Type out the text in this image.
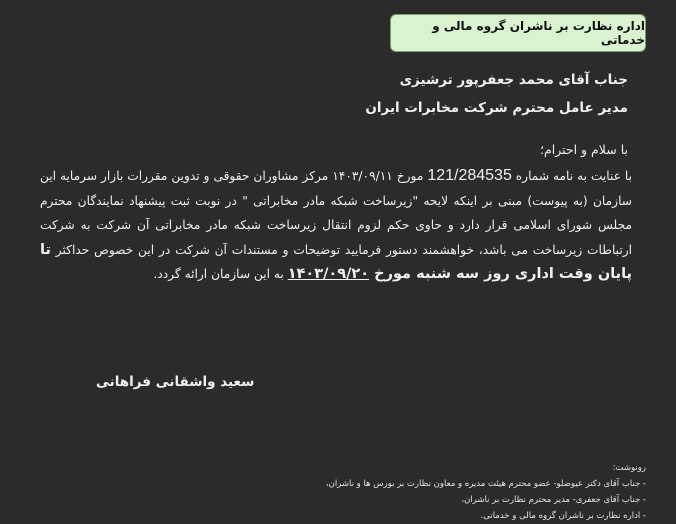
اداره نظارت بر ناشران گروه مالی و خدماتی
جناب آقای محمد جعفرپور ترشیزی
مدیر عامل محترم شرکت مخابرات ایران
با سلام و احترام؛
با عنایت به نامه شماره 121/284535 مورخ ۱۴۰۳/۰۹/۱۱ مرکز مشاوران حقوقی و تدوین مقررات بازار سرمایه این سازمان (به پیوست) مبنی بر اینکه لایحه "زیرساخت شبکه مادر مخابراتی " در نوبت ثبت پیشنهاد نمایندگان محترم مجلس شورای اسلامی قرار دارد و حاوی حکم لزوم انتقال زیرساخت شبکه مادر مخابراتی آن شرکت به شرکت ارتباطات زیرساخت می باشد، خواهشمند دستور فرمایید توضیحات و مستندات آن شرکت در این خصوص حداکثر تا پایان وقت اداری روز سه شنبه مورخ ۱۴۰۳/۰۹/۲۰ به این سازمان ارائه گردد.
سعید واشقانی فراهانی
رونوشت:
- جناب آقای دکتر عیوضلو- عضو محترم هیئت مدیره و معاون نظارت بر بورس ها و ناشران،
- جناب آقای جعفری- مدیر محترم نظارت بر ناشران،
- اداره نظارت بر ناشران گروه مالی و خدماتی.
